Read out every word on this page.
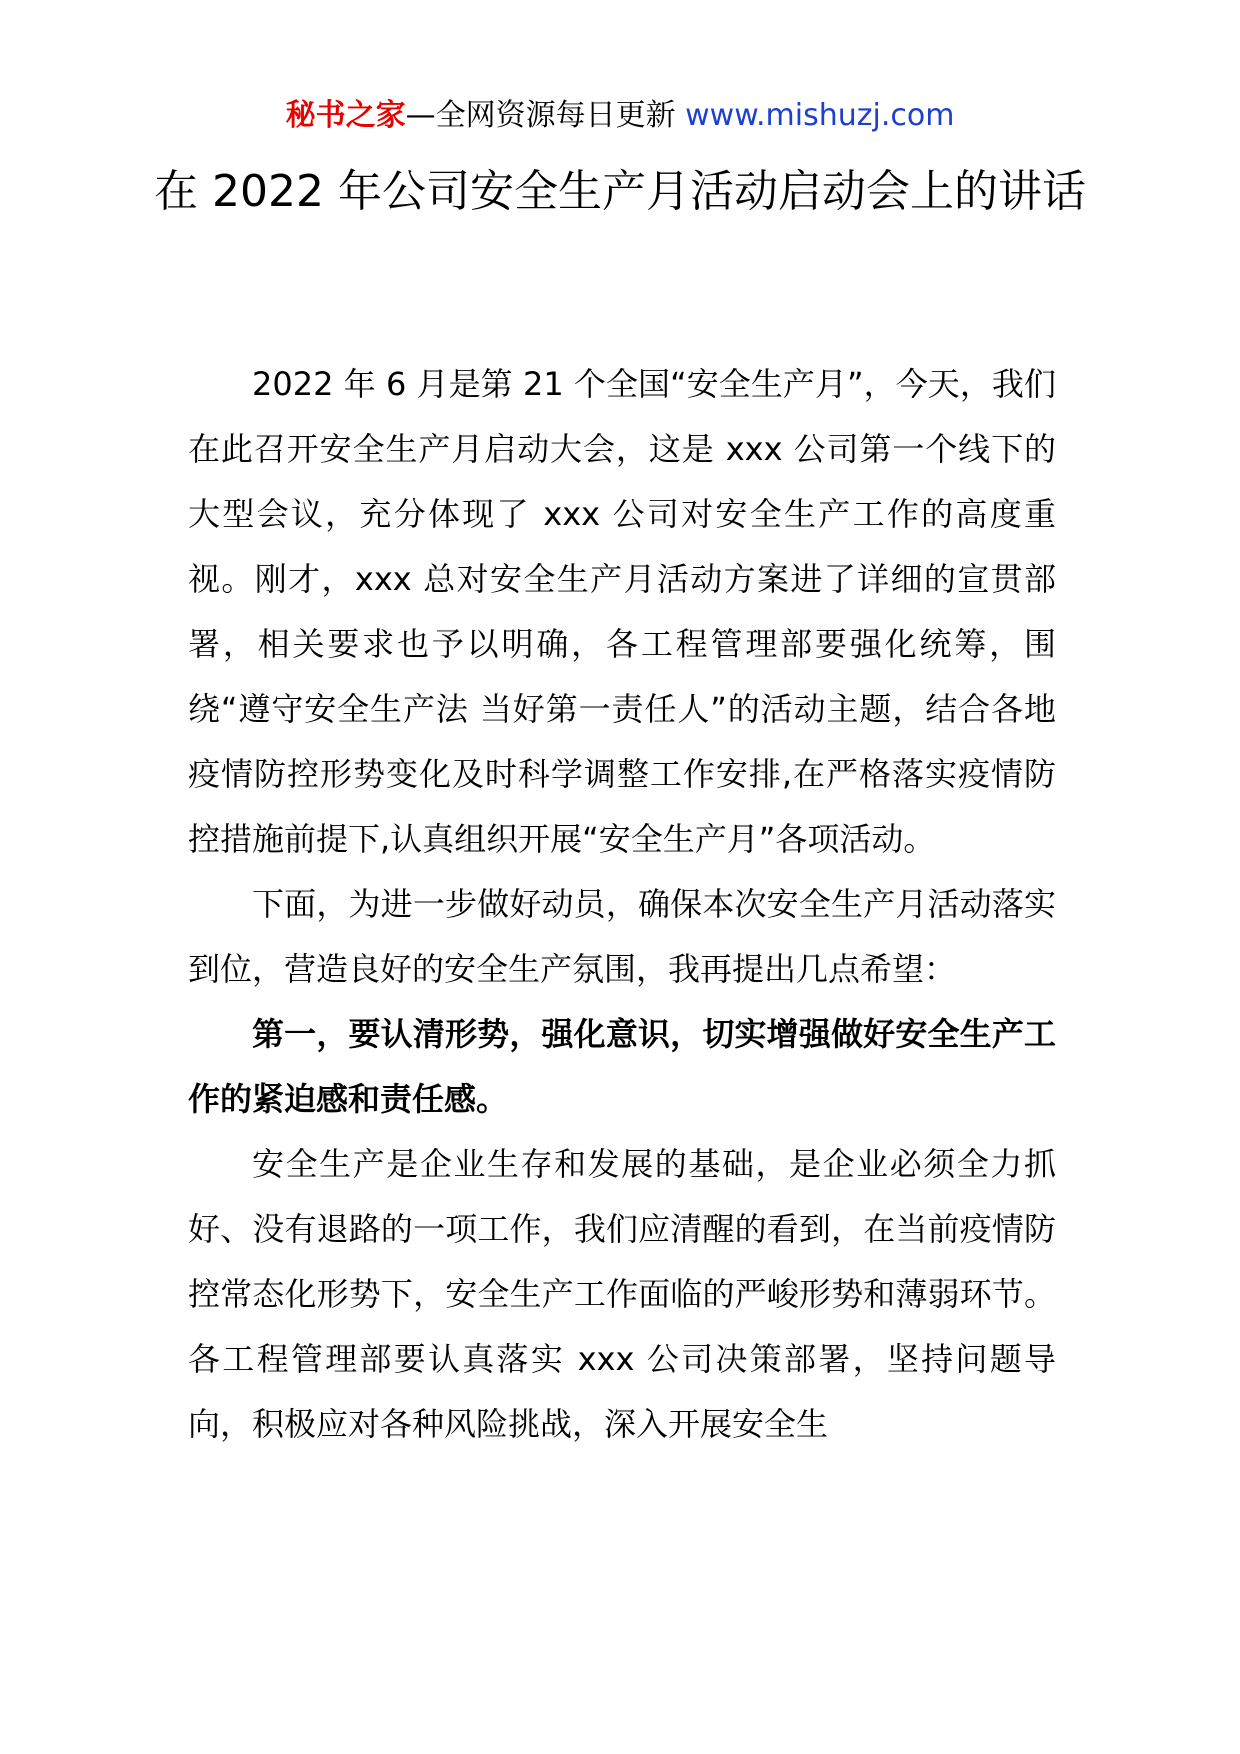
秘书之家—全网资源每日更新 www.mishuzj.com
在 2022 年公司安全生产月活动启动会上的讲话

2022 年 6 月是第 21 个全国“安全生产月”，今天，我们在此召开安全生产月启动大会，这是 xxx 公司第一个线下的大型会议，充分体现了 xxx 公司对安全生产工作的高度重视。刚才，xxx 总对安全生产月活动方案进了详细的宣贯部署，相关要求也予以明确，各工程管理部要强化统筹，围绕“遵守安全生产法 当好第一责任人”的活动主题，结合各地疫情防控形势变化及时科学调整工作安排,在严格落实疫情防控措施前提下,认真组织开展“安全生产月”各项活动。

下面，为进一步做好动员，确保本次安全生产月活动落实到位，营造良好的安全生产氛围，我再提出几点希望：

第一，要认清形势，强化意识，切实增强做好安全生产工作的紧迫感和责任感。

安全生产是企业生存和发展的基础，是企业必须全力抓好、没有退路的一项工作，我们应清醒的看到，在当前疫情防控常态化形势下，安全生产工作面临的严峻形势和薄弱环节。各工程管理部要认真落实 xxx 公司决策部署，坚持问题导向，积极应对各种风险挑战，深入开展安全生
